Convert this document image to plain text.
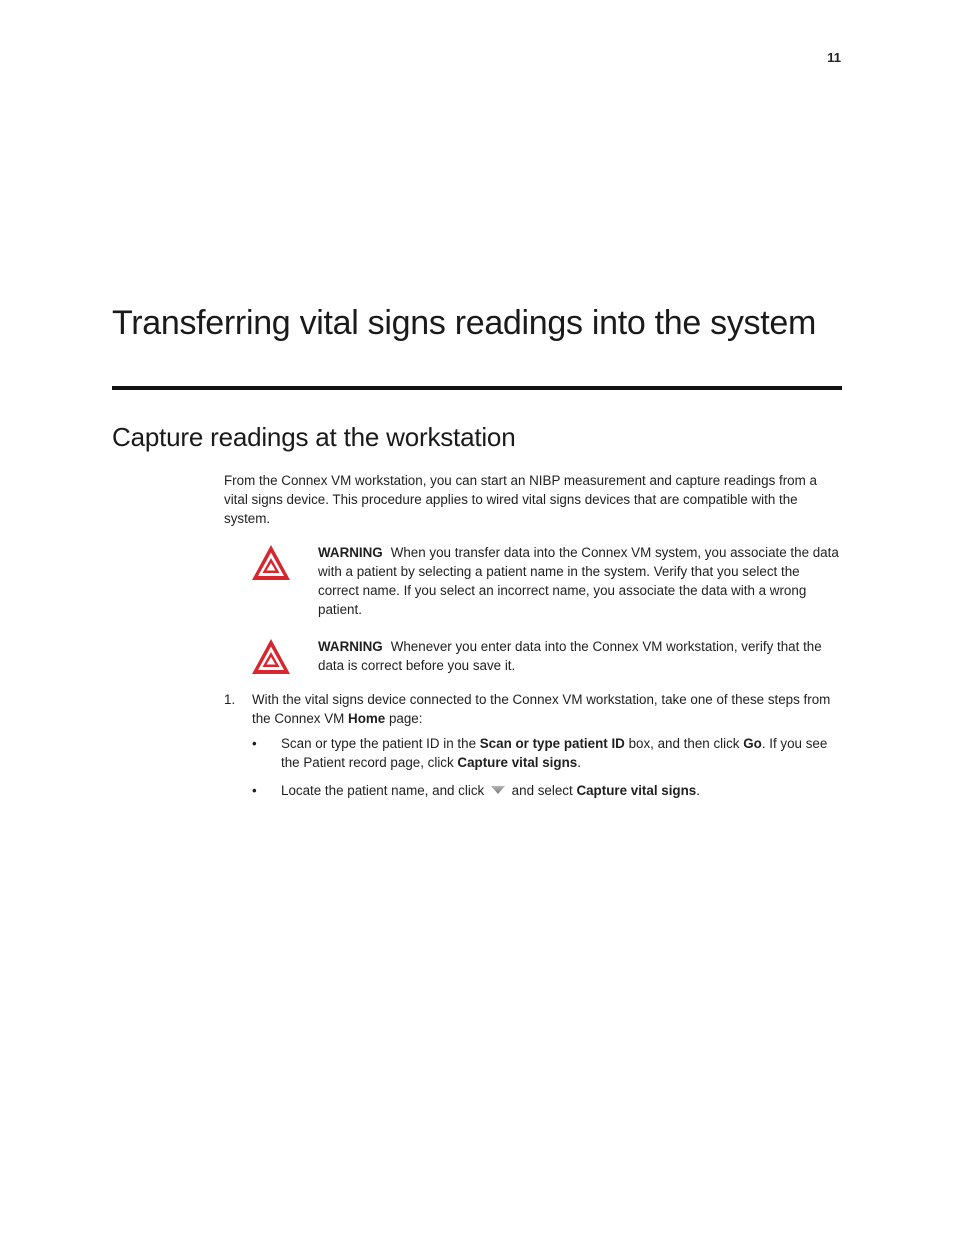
11
Transferring vital signs readings into the system
Capture readings at the workstation

From the Connex VM workstation, you can start an NIBP measurement and capture readings from a vital signs device. This procedure applies to wired vital signs devices that are compatible with the system.

WARNING When you transfer data into the Connex VM system, you associate the data with a patient by selecting a patient name in the system. Verify that you select the correct name. If you select an incorrect name, you associate the data with a wrong patient.

WARNING Whenever you enter data into the Connex VM workstation, verify that the data is correct before you save it.

1. With the vital signs device connected to the Connex VM workstation, take one of these steps from the Connex VM Home page:

• Scan or type the patient ID in the Scan or type patient ID box, and then click Go. If you see the Patient record page, click Capture vital signs.

• Locate the patient name, and click  and select Capture vital signs.
